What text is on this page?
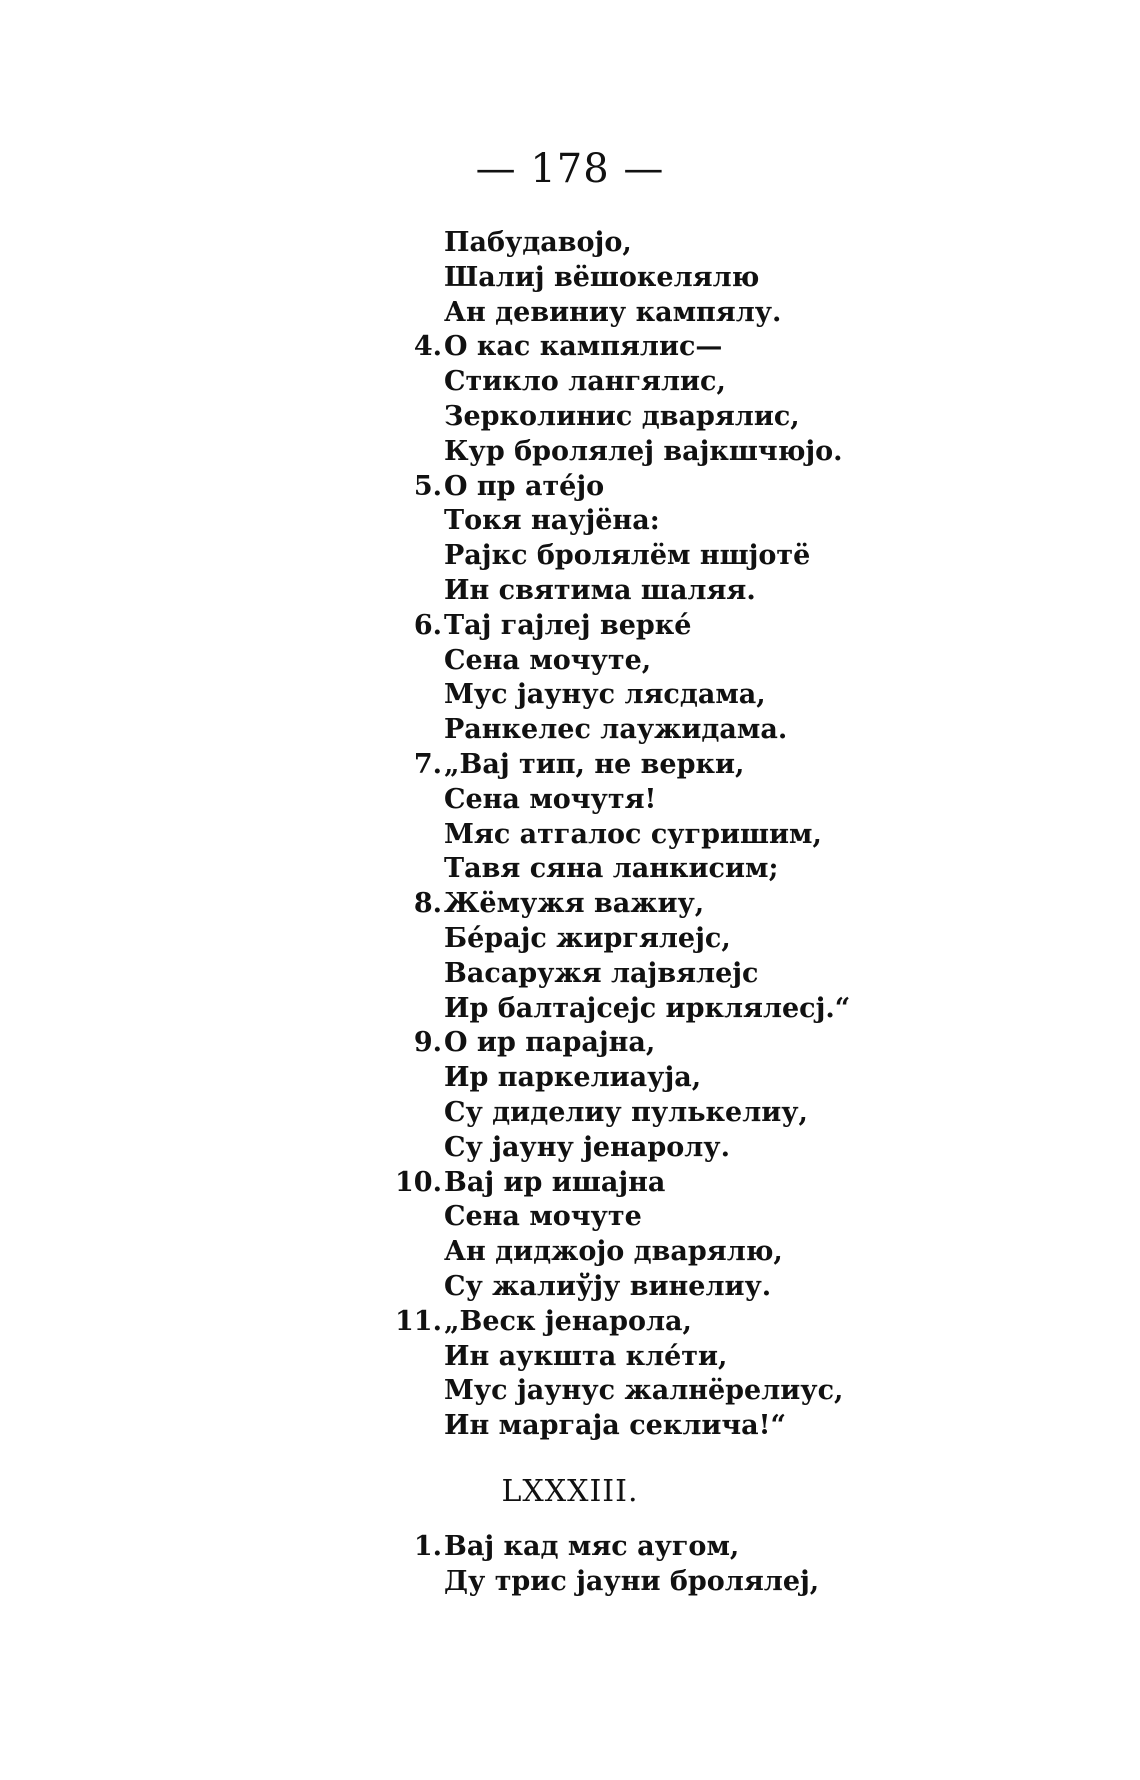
— 178 —
Пабудавојо,
Шалиј вёшокелялю
Ан девиниу кампялу.
4. О кас кампялис—
Стикло лангялис,
Зерколинис дварялис,
Кур бролялеј вајкшчюјо.
5. О пр атéјо
Токя наујёна:
Рајкс бролялём ншјотё
Ин святима шаляя.
6. Тај гајлеј веркé
Сена мочуте,
Мус јаунус лясдама,
Ранкелес лаужидама.
7. „Вај тип, не верки,
Сена мочутя!
Мяс атгалос сугришим,
Тавя сяна ланкисим;
8. Жёмужя важиу,
Бéрајс жиргялејс,
Васаружя лајвялејс
Ир балтајсејс ирклялесј.“
9. О ир парајна,
Ир паркелиауја,
Су диделиу пулькелиу,
Су јауну јенаролу.
10. Вај ир ишајна
Сена мочуте
Ан диджојо дварялю,
Су жалиўју винелиу.
11. „Веск јенарола,
Ин аукшта клéти,
Мус јаунус жалнёрелиус,
Ин маргаја секлича!“
LXXXIII.
1. Вај кад мяс аугом,
Ду трис јауни бролялеј,
